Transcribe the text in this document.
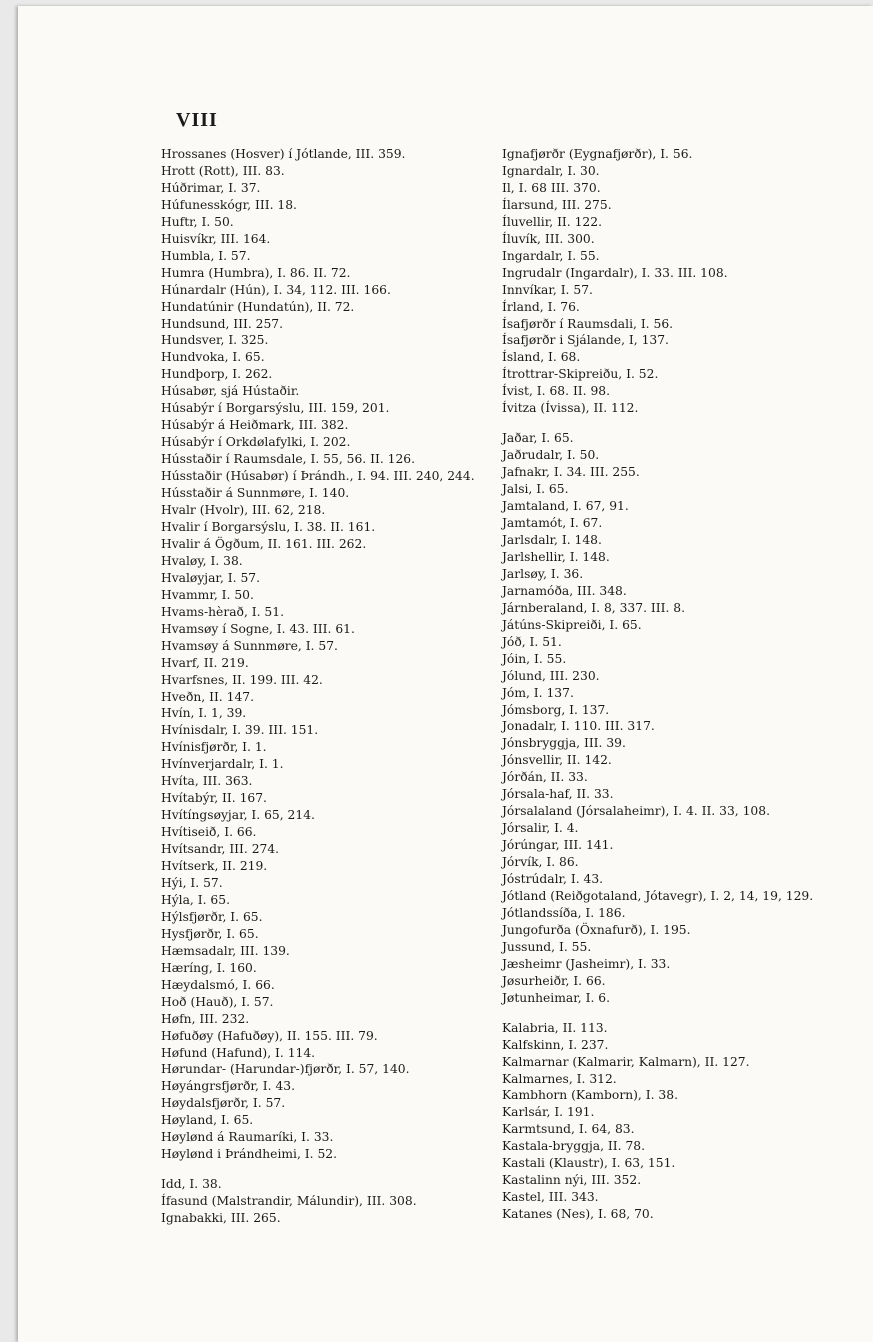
VIII
Hrossanes (Hosver) í Jótlande, III. 359.
Hrott (Rott), III. 83.
Húðrimar, I. 37.
Húfunesskógr, III. 18.
Huftr, I. 50.
Huisvíkr, III. 164.
Humbla, I. 57.
Humra (Humbra), I. 86. II. 72.
Húnardalr (Hún), I. 34, 112. III. 166.
Hundatúnir (Hundatún), II. 72.
Hundsund, III. 257.
Hundsver, I. 325.
Hundvoka, I. 65.
Hundþorp, I. 262.
Húsabør, sjá Hústaðir.
Húsabýr í Borgarsýslu, III. 159, 201.
Húsabýr á Heiðmark, III. 382.
Húsabýr í Orkdølafylki, I. 202.
Hússtaðir í Raumsdale, I. 55, 56. II. 126.
Hússtaðir (Húsabør) í Þrándh., I. 94. III. 240, 244.
Hússtaðir á Sunnmøre, I. 140.
Hvalr (Hvolr), III. 62, 218.
Hvalir í Borgarsýslu, I. 38. II. 161.
Hvalir á Ögðum, II. 161. III. 262.
Hvaløy, I. 38.
Hvaløyjar, I. 57.
Hvammr, I. 50.
Hvams-hèrað, I. 51.
Hvamsøy í Sogne, I. 43. III. 61.
Hvamsøy á Sunnmøre, I. 57.
Hvarf, II. 219.
Hvarfsnes, II. 199. III. 42.
Hveðn, II. 147.
Hvín, I. 1, 39.
Hvínisdalr, I. 39. III. 151.
Hvínisfjørðr, I. 1.
Hvínverjardalr, I. 1.
Hvíta, III. 363.
Hvítabýr, II. 167.
Hvítíngsøyjar, I. 65, 214.
Hvítiseið, I. 66.
Hvítsandr, III. 274.
Hvítserk, II. 219.
Hýi, I. 57.
Hýla, I. 65.
Hýlsfjørðr, I. 65.
Hysfjørðr, I. 65.
Hæmsadalr, III. 139.
Hæríng, I. 160.
Hæydalsmó, I. 66.
Hoð (Hauð), I. 57.
Høfn, III. 232.
Høfuðøy (Hafuðøy), II. 155. III. 79.
Høfund (Hafund), I. 114.
Hørundar- (Harundar-)fjørðr, I. 57, 140.
Høyángrsfjørðr, I. 43.
Høydalsfjørðr, I. 57.
Høyland, I. 65.
Høylønd á Raumaríki, I. 33.
Høylønd i Þrándheimi, I. 52.
Idd, I. 38.
Ífasund (Malstrandir, Málundir), III. 308.
Ignabakki, III. 265.
Ignafjørðr (Eygnafjørðr), I. 56.
Ignardalr, I. 30.
Il, I. 68 III. 370.
Ílarsund, III. 275.
Íluvellir, II. 122.
Íluvík, III. 300.
Ingardalr, I. 55.
Ingrudalr (Ingardalr), I. 33. III. 108.
Innvíkar, I. 57.
Írland, I. 76.
Ísafjørðr í Raumsdali, I. 56.
Ísafjørðr i Sjálande, I, 137.
Ísland, I. 68.
Ítrottrar-Skipreiðu, I. 52.
Ívist, I. 68. II. 98.
Ívitza (Ívissa), II. 112.
Jaðar, I. 65.
Jaðrudalr, I. 50.
Jafnakr, I. 34. III. 255.
Jalsi, I. 65.
Jamtaland, I. 67, 91.
Jamtamót, I. 67.
Jarlsdalr, I. 148.
Jarlshellir, I. 148.
Jarlsøy, I. 36.
Jarnamóða, III. 348.
Járnberaland, I. 8, 337. III. 8.
Játúns-Skipreiði, I. 65.
Jóð, I. 51.
Jóin, I. 55.
Jólund, III. 230.
Jóm, I. 137.
Jómsborg, I. 137.
Jonadalr, I. 110. III. 317.
Jónsbryggja, III. 39.
Jónsvellir, II. 142.
Jórðán, II. 33.
Jórsala-haf, II. 33.
Jórsalaland (Jórsalaheimr), I. 4. II. 33, 108.
Jórsalir, I. 4.
Jórúngar, III. 141.
Jórvík, I. 86.
Jóstrúdalr, I. 43.
Jótland (Reiðgotaland, Jótavegr), I. 2, 14, 19, 129.
Jótlandssíða, I. 186.
Jungofurða (Öxnafurð), I. 195.
Jussund, I. 55.
Jæsheimr (Jasheimr), I. 33.
Jøsurheiðr, I. 66.
Jøtunheimar, I. 6.
Kalabria, II. 113.
Kalfskinn, I. 237.
Kalmarnar (Kalmarir, Kalmarn), II. 127.
Kalmarnes, I. 312.
Kambhorn (Kamborn), I. 38.
Karlsár, I. 191.
Karmtsund, I. 64, 83.
Kastala-bryggja, II. 78.
Kastali (Klaustr), I. 63, 151.
Kastalinn nýi, III. 352.
Kastel, III. 343.
Katanes (Nes), I. 68, 70.
